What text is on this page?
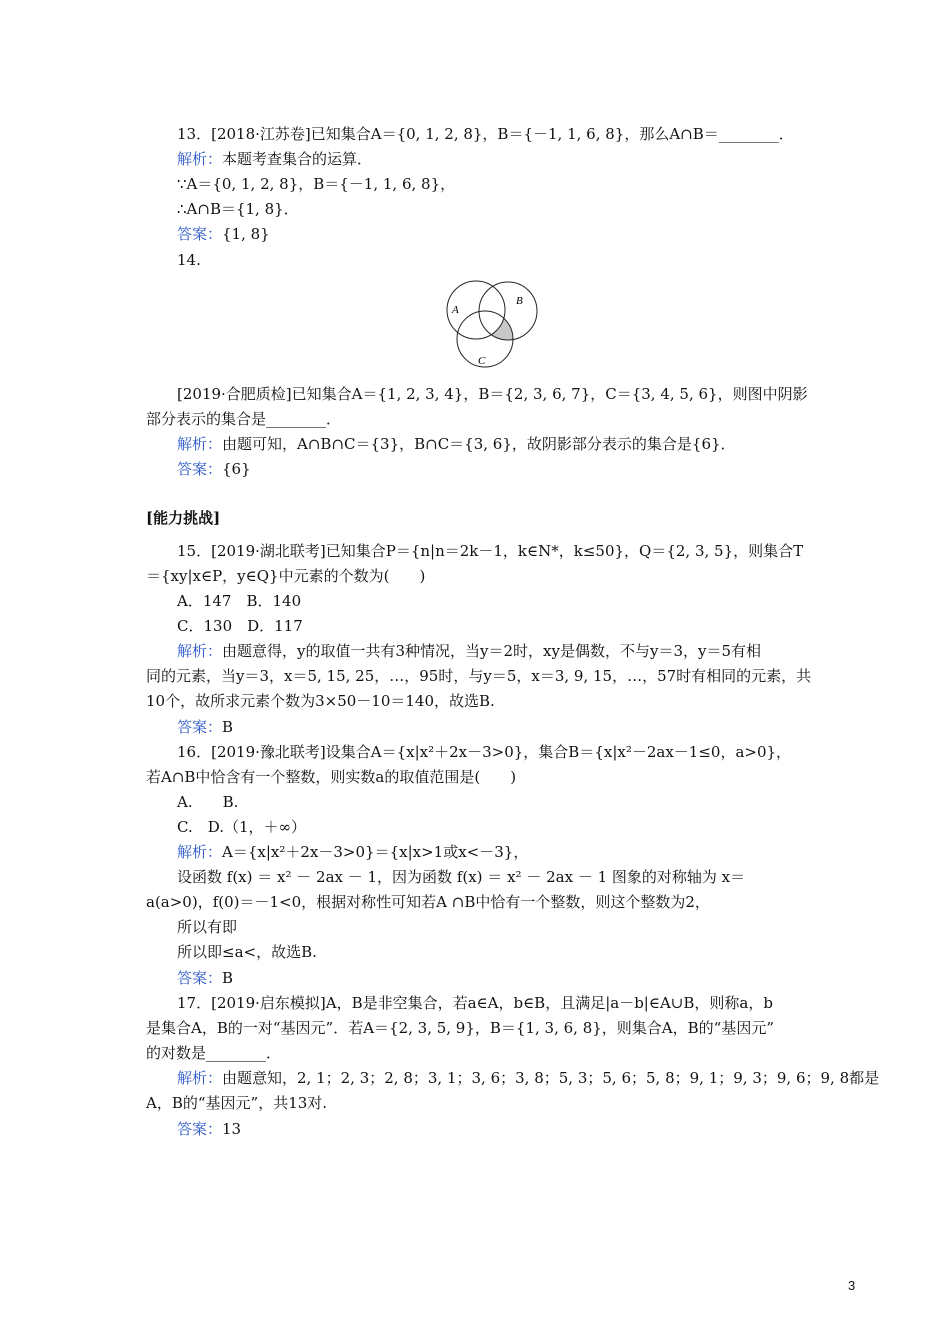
13．[2018·江苏卷]已知集合A＝{0, 1, 2, 8}，B＝{－1, 1, 6, 8}，那么A∩B＝________．
解析：本题考查集合的运算．
∵A＝{0, 1, 2, 8}，B＝{－1, 1, 6, 8}，
∴A∩B＝{1, 8}．
答案：{1, 8}
14.
A
B
C
[2019·合肥质检]已知集合A＝{1, 2, 3, 4}，B＝{2, 3, 6, 7}，C＝{3, 4, 5, 6}，则图中阴影
部分表示的集合是________．
解析：由题可知，A∩B∩C＝{3}，B∩C＝{3, 6}，故阴影部分表示的集合是{6}．
答案：{6}
[能力挑战]
15．[2019·湖北联考]已知集合P＝{n|n＝2k－1，k∈N*，k≤50}，Q＝{2, 3, 5}，则集合T
＝{xy|x∈P，y∈Q}中元素的个数为(　　)
A．147　B．140
C．130　D．117
解析：由题意得，y的取值一共有3种情况，当y＝2时，xy是偶数，不与y＝3，y＝5有相
同的元素，当y＝3，x＝5, 15, 25，…，95时，与y＝5，x＝3, 9, 15，…，57时有相同的元素，共
10个，故所求元素个数为3×50－10＝140，故选B.
答案：B
16．[2019·豫北联考]设集合A＝{x|x²＋2x－3>0}，集合B＝{x|x²－2ax－1≤0，a>0}，
若A∩B中恰含有一个整数，则实数a的取值范围是(　　)
A.　　B.
C.　D.（1，＋∞）
解析：A＝{x|x²＋2x－3>0}＝{x|x>1或x<－3}，
设函数 f(x) ＝ x² － 2ax － 1，因为函数 f(x) ＝ x² － 2ax － 1 图象的对称轴为 x＝
a(a>0)，f(0)＝－1<0，根据对称性可知若A ∩B中恰有一个整数，则这个整数为2，
所以有即
所以即≤a<，故选B.
答案：B
17．[2019·启东模拟]A，B是非空集合，若a∈A，b∈B，且满足|a－b|∈A∪B，则称a，b
是集合A，B的一对“基因元”．若A＝{2, 3, 5, 9}，B＝{1, 3, 6, 8}，则集合A，B的“基因元”
的对数是________．
解析：由题意知，2, 1；2, 3；2, 8；3, 1；3, 6；3, 8；5, 3；5, 6；5, 8；9, 1；9, 3；9, 6；9, 8都是
A，B的“基因元”，共13对.
答案：13
3
